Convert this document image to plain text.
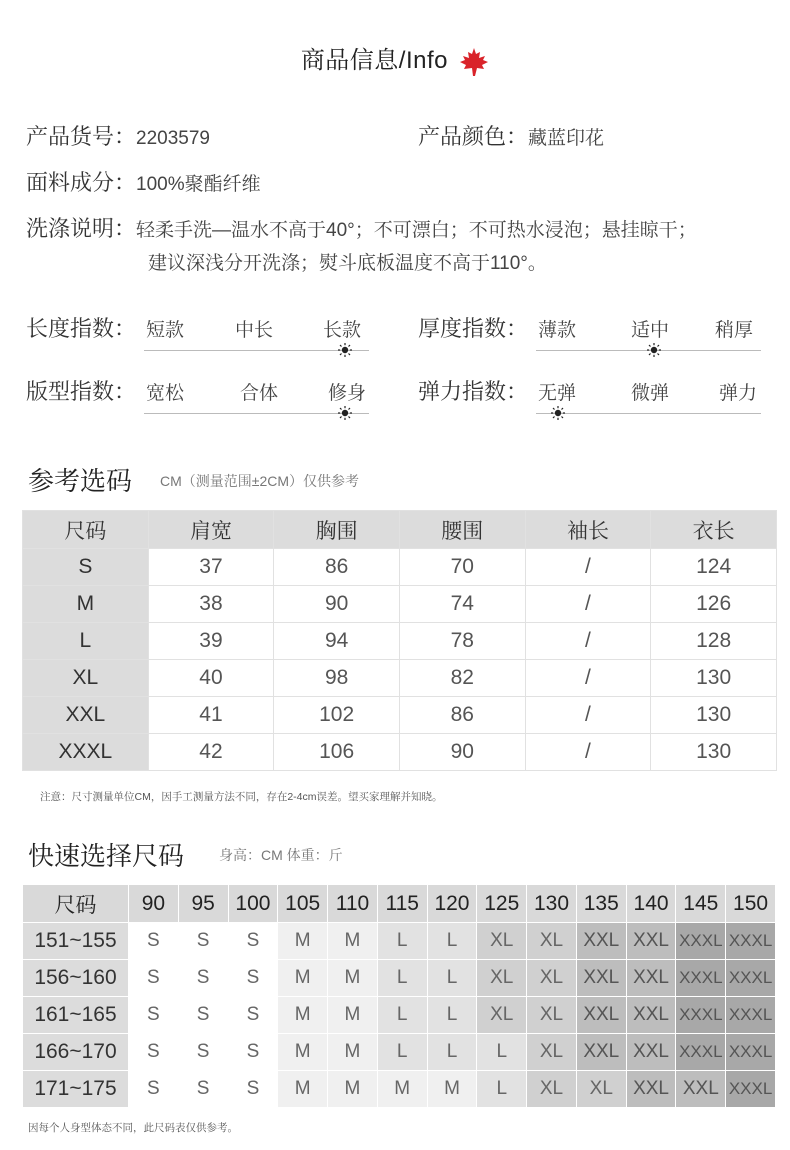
商品信息/Info
产品货号：2203579	产品颜色：藏蓝印花
面料成分：100%聚酯纤维
洗涤说明：轻柔手洗—温水不高于40°；不可漂白；不可热水浸泡；悬挂晾干；
建议深浅分开洗涤；熨斗底板温度不高于110°。
长度指数： 短款	中长	长款	厚度指数： 薄款	适中 稍厚
版型指数： 宽松	合体	修身 弹力指数： 无弹	微弹	弹力
参考选码 CM（测量范围±2CM）仅供参考
尺码	肩宽	胸围	腰围	袖长	衣长
S	37	86	70	/	124
M	38	90	74	/	126
L	39	94	78	/	128
XL	40	98	82	/	130
XXL	41	102	86	/	130
XXXL	42	106	90	/	130
注意：尺寸测量单位CM，因手工测量方法不同，存在2-4cm误差。望买家理解并知晓。
快速选择尺码 身高：CM 体重：斤
尺码	90	95	100	105	110	115	120	125	130	135	140	145	150
151~155	S	S	S	M	M	L	L	XL	XL	XXL	XXL	XXXL	XXXL
156~160	S	S	S	M	M	L	L	XL	XL	XXL	XXL	XXXL	XXXL
161~165	S	S	S	M	M	L	L	XL	XL	XXL	XXL	XXXL	XXXL
166~170	S	S	S	M	M	L	L	L	XL	XXL	XXL	XXXL	XXXL
171~175	S	S	S	M	M	M	M	L	XL	XL	XXL	XXL	XXXL
因每个人身型体态不同，此尺码表仅供参考。
